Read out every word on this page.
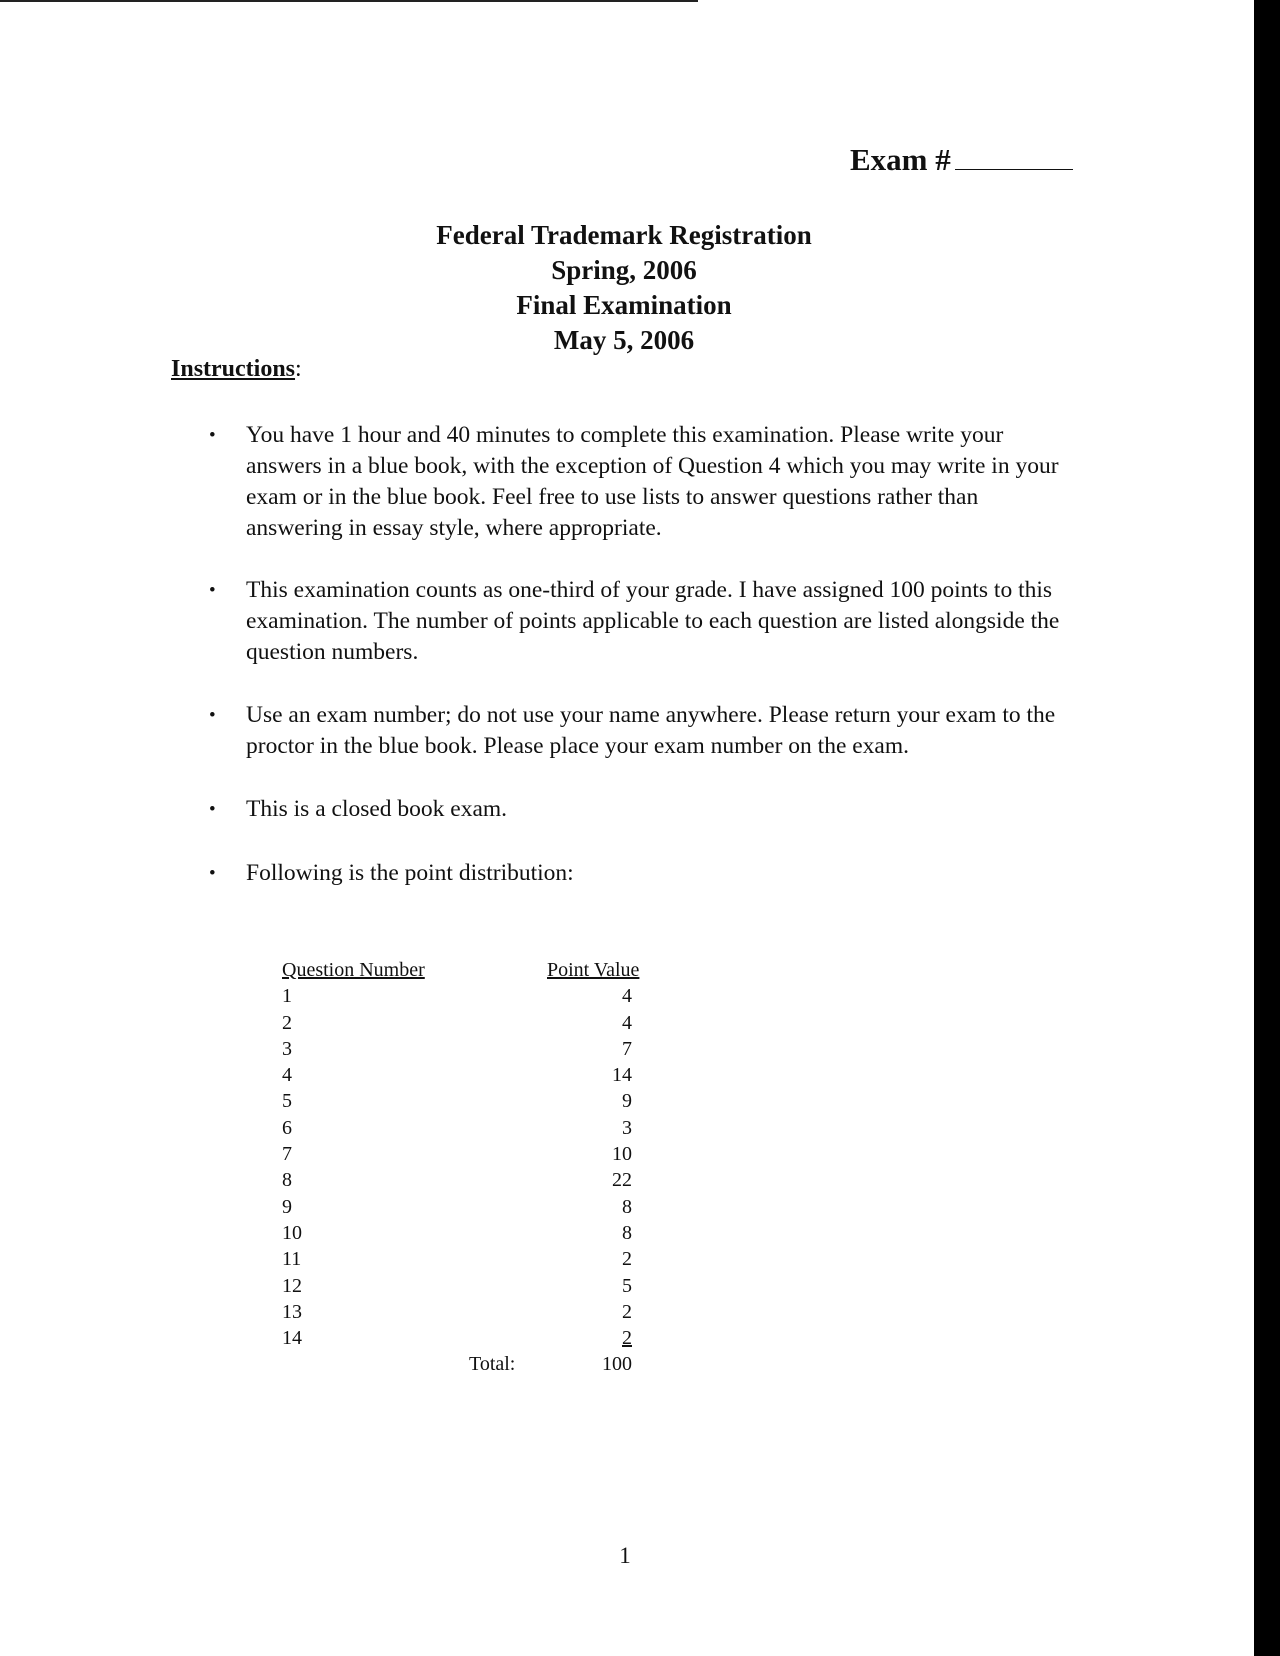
Exam #
Federal Trademark Registration
Spring, 2006
Final Examination
May 5, 2006
Instructions:
• You have 1 hour and 40 minutes to complete this examination. Please write your answers in a blue book, with the exception of Question 4 which you may write in your exam or in the blue book. Feel free to use lists to answer questions rather than answering in essay style, where appropriate.
• This examination counts as one-third of your grade. I have assigned 100 points to this examination. The number of points applicable to each question are listed alongside the question numbers.
• Use an exam number; do not use your name anywhere. Please return your exam to the proctor in the blue book. Please place your exam number on the exam.
• This is a closed book exam.
• Following is the point distribution:
Question Number	Point Value
1	4
2	4
3	7
4	14
5	9
6	3
7	10
8	22
9	8
10	8
11	2
12	5
13	2
14	2
Total:	100
1
